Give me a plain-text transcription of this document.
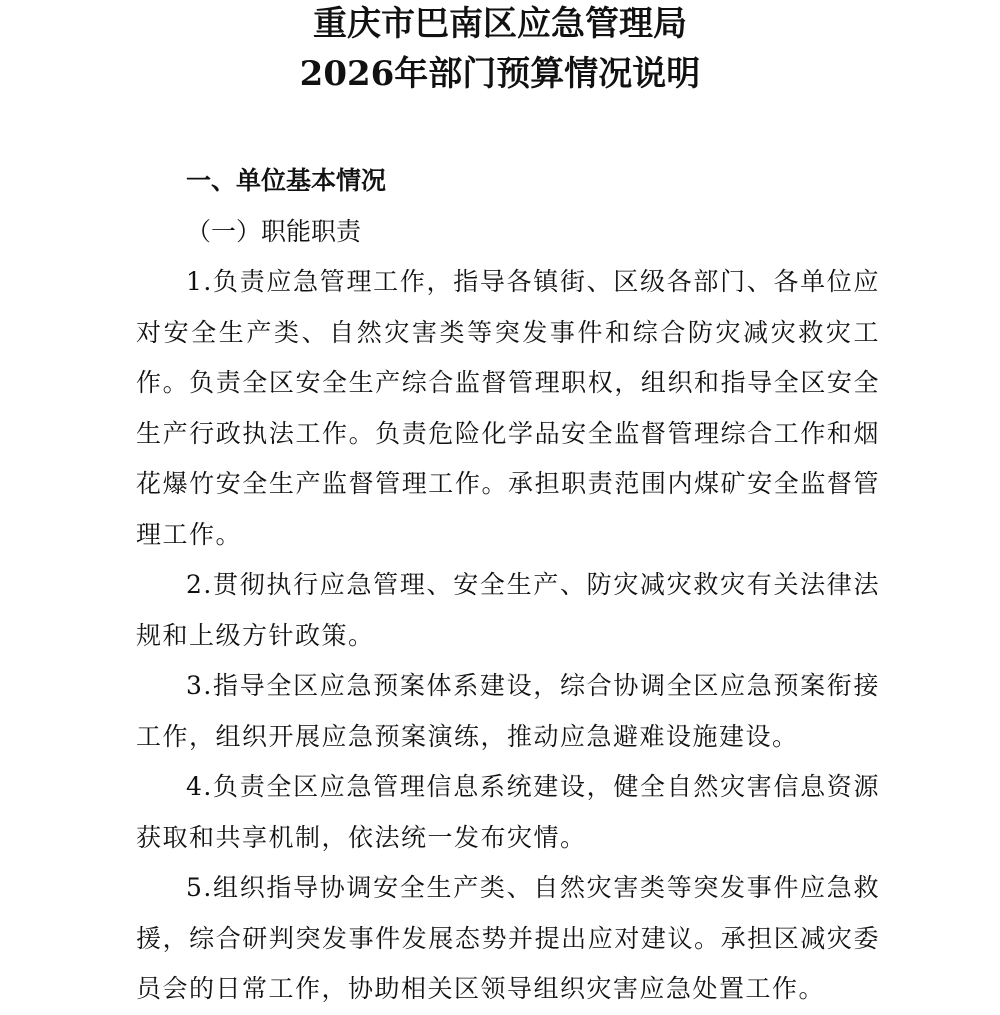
重庆市巴南区应急管理局
2026年部门预算情况说明
一、单位基本情况
（一）职能职责

1.负责应急管理工作，指导各镇街、区级各部门、各单位应对安全生产类、自然灾害类等突发事件和综合防灾减灾救灾工作。负责全区安全生产综合监督管理职权，组织和指导全区安全生产行政执法工作。负责危险化学品安全监督管理综合工作和烟花爆竹安全生产监督管理工作。承担职责范围内煤矿安全监督管理工作。

2.贯彻执行应急管理、安全生产、防灾减灾救灾有关法律法规和上级方针政策。

3.指导全区应急预案体系建设，综合协调全区应急预案衔接工作，组织开展应急预案演练，推动应急避难设施建设。

4.负责全区应急管理信息系统建设，健全自然灾害信息资源获取和共享机制，依法统一发布灾情。

5.组织指导协调安全生产类、自然灾害类等突发事件应急救援，综合研判突发事件发展态势并提出应对建议。承担区减灾委员会的日常工作，协助相关区领导组织灾害应急处置工作。
